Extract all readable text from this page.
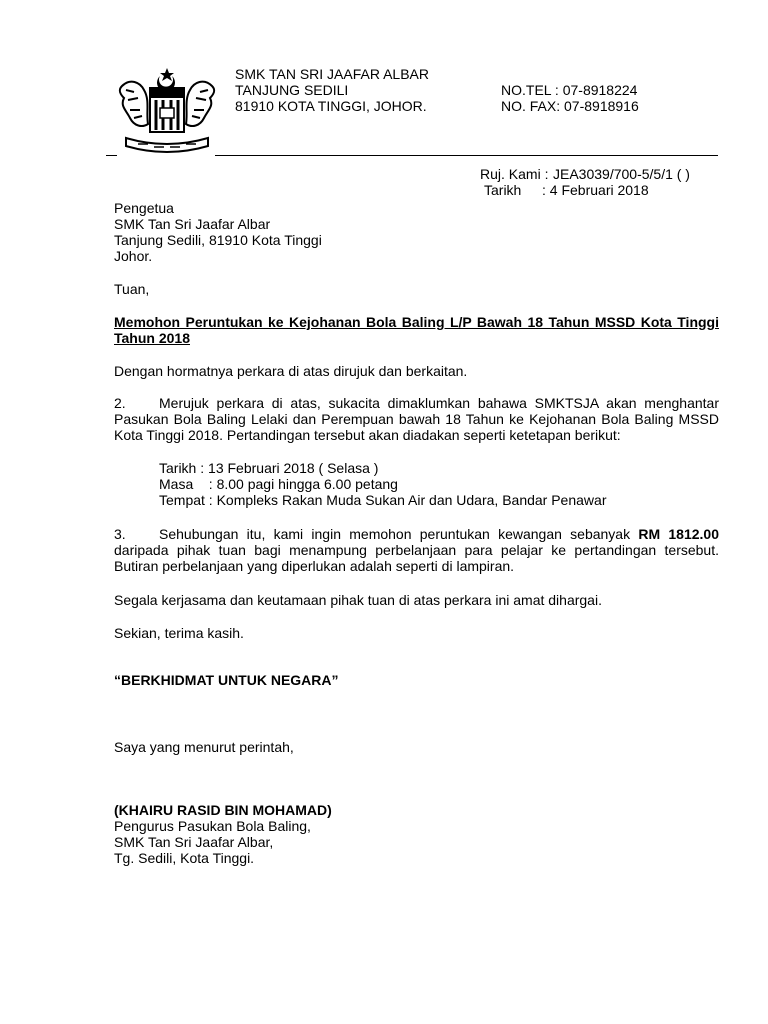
SMK TAN SRI JAAFAR ALBAR
TANJUNG SEDILI
81910 KOTA TINGGI, JOHOR.
NO.TEL : 07-8918224
NO. FAX: 07-8918916
Ruj. Kami : JEA3039/700-5/5/1 ( )
Tarikh : 4 Februari 2018
Pengetua
SMK Tan Sri Jaafar Albar
Tanjung Sedili, 81910 Kota Tinggi
Johor.
Tuan,
Memohon Peruntukan ke Kejohanan Bola Baling L/P Bawah 18 Tahun MSSD Kota Tinggi Tahun 2018
Dengan hormatnya perkara di atas dirujuk dan berkaitan.
2. Merujuk perkara di atas, sukacita dimaklumkan bahawa SMKTSJA akan menghantar Pasukan Bola Baling Lelaki dan Perempuan bawah 18 Tahun ke Kejohanan Bola Baling MSSD Kota Tinggi 2018. Pertandingan tersebut akan diadakan seperti ketetapan berikut:
Tarikh : 13 Februari 2018 ( Selasa )
Masa    : 8.00 pagi hingga 6.00 petang
Tempat : Kompleks Rakan Muda Sukan Air dan Udara, Bandar Penawar
3. Sehubungan itu, kami ingin memohon peruntukan kewangan sebanyak RM 1812.00 daripada pihak tuan bagi menampung perbelanjaan para pelajar ke pertandingan tersebut. Butiran perbelanjaan yang diperlukan adalah seperti di lampiran.
Segala kerjasama dan keutamaan pihak tuan di atas perkara ini amat dihargai.
Sekian, terima kasih.
“BERKHIDMAT UNTUK NEGARA”
Saya yang menurut perintah,
(KHAIRU RASID BIN MOHAMAD)
Pengurus Pasukan Bola Baling,
SMK Tan Sri Jaafar Albar,
Tg. Sedili, Kota Tinggi.
